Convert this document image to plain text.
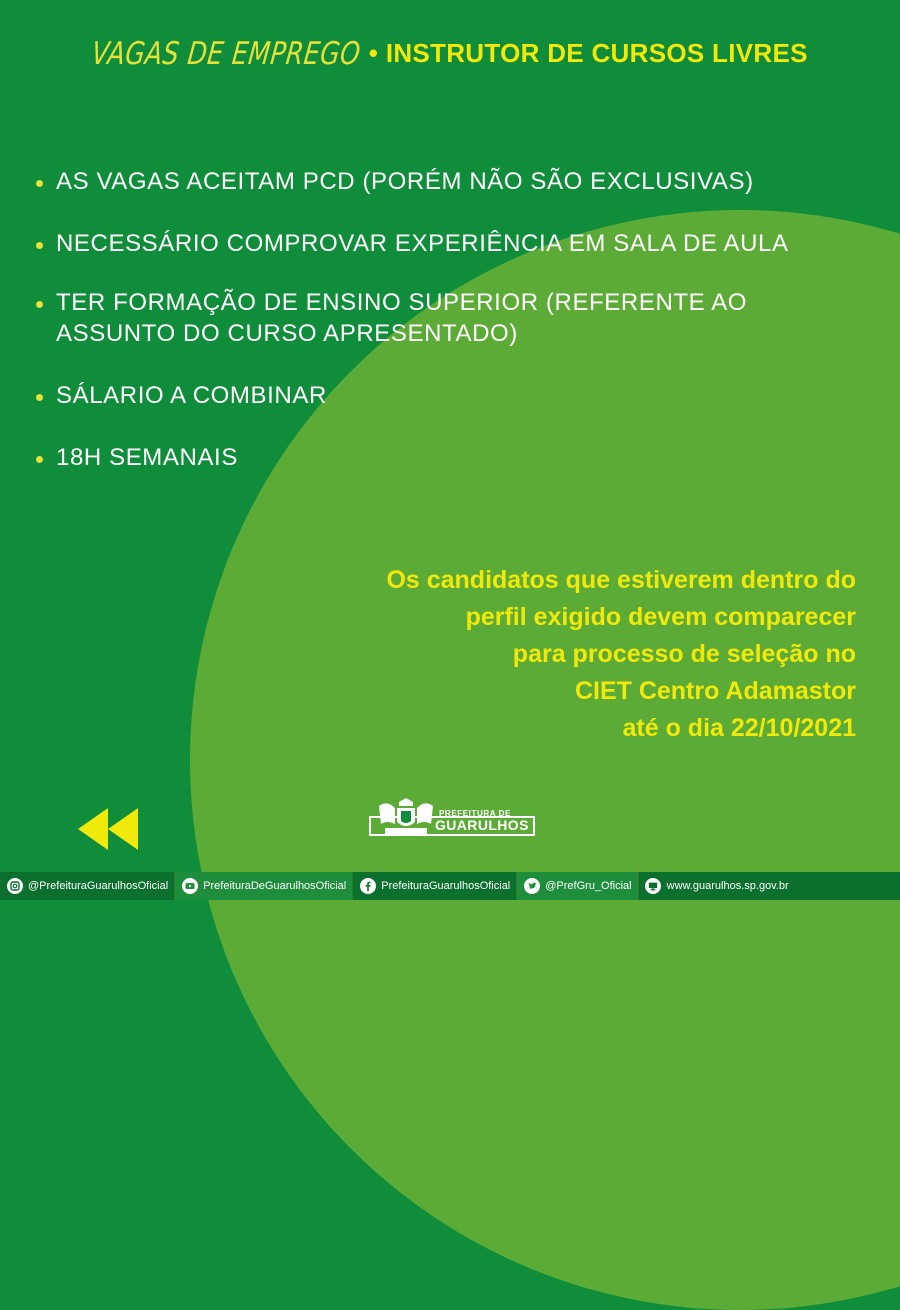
VAGAS DE EMPREGO • INSTRUTOR DE CURSOS LIVRES
AS VAGAS ACEITAM PCD (PORÉM NÃO SÃO EXCLUSIVAS)
NECESSÁRIO COMPROVAR EXPERIÊNCIA EM SALA DE AULA
TER FORMAÇÃO DE ENSINO SUPERIOR (REFERENTE AO
ASSUNTO DO CURSO APRESENTADO)
SÁLARIO A COMBINAR
18H SEMANAIS
Os candidatos que estiverem dentro do
perfil exigido devem comparecer
para processo de seleção no
CIET Centro Adamastor
até o dia 22/10/2021
PREFEITURA DE
GUARULHOS
@PrefeituraGuarulhosOficial	PrefeituraDeGuarulhosOficial	PrefeituraGuarulhosOficial	@PrefGru_Oficial	www.guarulhos.sp.gov.br
